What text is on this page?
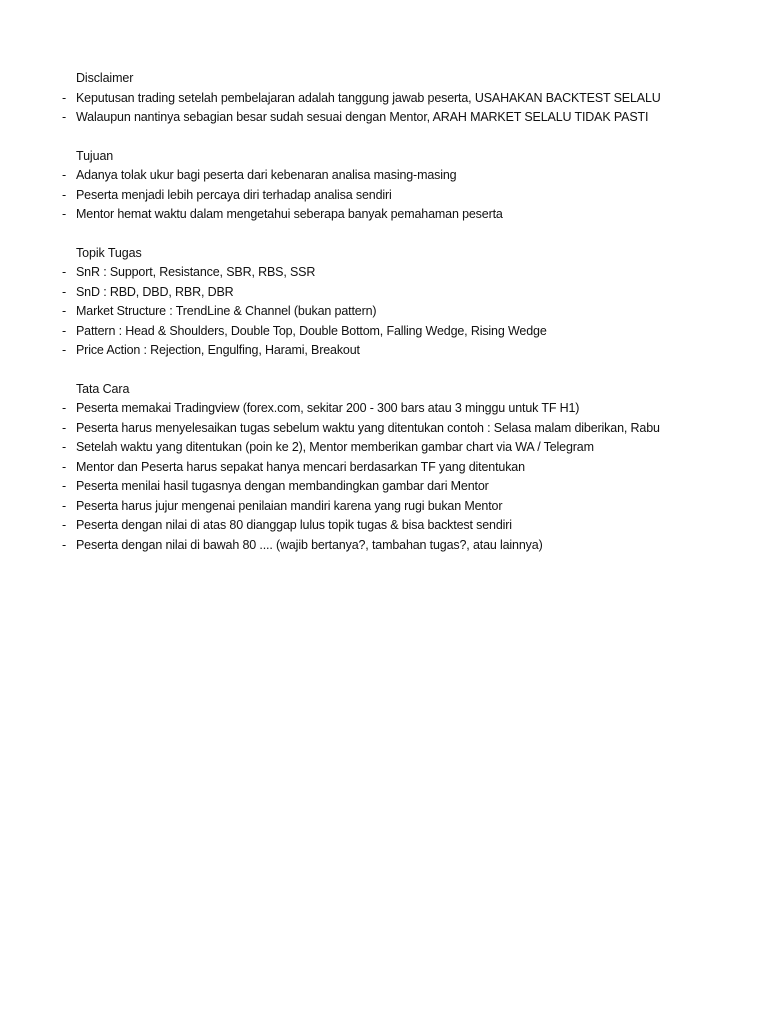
Disclaimer
- Keputusan trading setelah pembelajaran adalah tanggung jawab peserta, USAHAKAN BACKTEST SELALU
- Walaupun nantinya sebagian besar sudah sesuai dengan Mentor, ARAH MARKET SELALU TIDAK PASTI
Tujuan
- Adanya tolak ukur bagi peserta dari kebenaran analisa masing-masing
- Peserta menjadi lebih percaya diri terhadap analisa sendiri
- Mentor hemat waktu dalam mengetahui seberapa banyak pemahaman peserta
Topik Tugas
- SnR : Support, Resistance, SBR, RBS, SSR
- SnD : RBD, DBD, RBR, DBR
- Market Structure : TrendLine & Channel (bukan pattern)
- Pattern : Head & Shoulders, Double Top, Double Bottom, Falling Wedge, Rising Wedge
- Price Action : Rejection, Engulfing, Harami, Breakout
Tata Cara
- Peserta memakai Tradingview (forex.com, sekitar 200 - 300 bars atau 3 minggu untuk TF H1)
- Peserta harus menyelesaikan tugas sebelum waktu yang ditentukan contoh : Selasa malam diberikan, Rabu
- Setelah waktu yang ditentukan (poin ke 2), Mentor memberikan gambar chart via WA / Telegram
- Mentor dan Peserta harus sepakat hanya mencari berdasarkan TF yang ditentukan
- Peserta menilai hasil tugasnya dengan membandingkan gambar dari Mentor
- Peserta harus jujur mengenai penilaian mandiri karena yang rugi bukan Mentor
- Peserta dengan nilai di atas 80 dianggap lulus topik tugas & bisa backtest sendiri
- Peserta dengan nilai di bawah 80 .... (wajib bertanya?, tambahan tugas?, atau lainnya)
